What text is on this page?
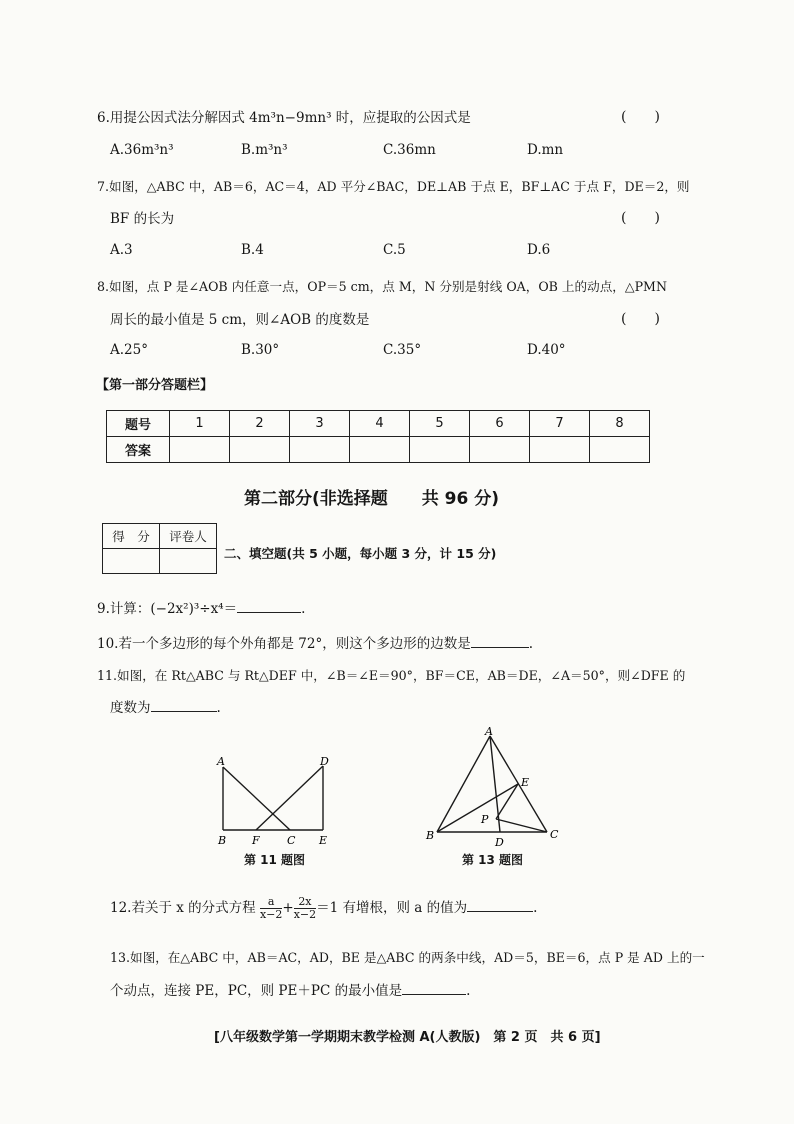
6.用提公因式法分解因式 4m³n−9mn³ 时，应提取的公因式是	(　　)
A.36m³n³	B.m³n³	C.36mn	D.mn
7.如图，△ABC 中，AB＝6，AC＝4，AD 平分∠BAC，DE⊥AB 于点 E，BF⊥AC 于点 F，DE＝2，则
BF 的长为	(　　)
A.3	B.4	C.5	D.6
8.如图，点 P 是∠AOB 内任意一点，OP＝5 cm，点 M，N 分别是射线 OA，OB 上的动点，△PMN
周长的最小值是 5 cm，则∠AOB 的度数是	(　　)
A.25°	B.30°	C.35°	D.40°
【第一部分答题栏】
题号	1	2	3	4	5	6	7	8
答案								
第二部分(非选择题　　共 96 分)
得　分	评卷人

二、填空题(共 5 小题，每小题 3 分，计 15 分)
9.计算：(−2x²)³÷x⁴＝	.
10.若一个多边形的每个外角都是 72°，则这个多边形的边数是	.
11.如图，在 Rt△ABC 与 Rt△DEF 中，∠B＝∠E＝90°，BF＝CE，AB＝DE，∠A＝50°，则∠DFE 的
度数为	.
A	D
B F C E
第 11 题图
A
E
P
B
D
C
第 13 题图
12.若关于 x 的分式方程 $\frac{a}{x-2} + \frac{2x}{x-2} =1$ 有增根，则 a 的值为	.
13.如图，在△ABC 中，AB＝AC，AD，BE 是△ABC 的两条中线，AD＝5，BE＝6，点 P 是 AD 上的一
个动点，连接 PE，PC，则 PE＋PC 的最小值是	.
[八年级数学第一学期期末教学检测 A(人教版)　第 2 页　共 6 页]
